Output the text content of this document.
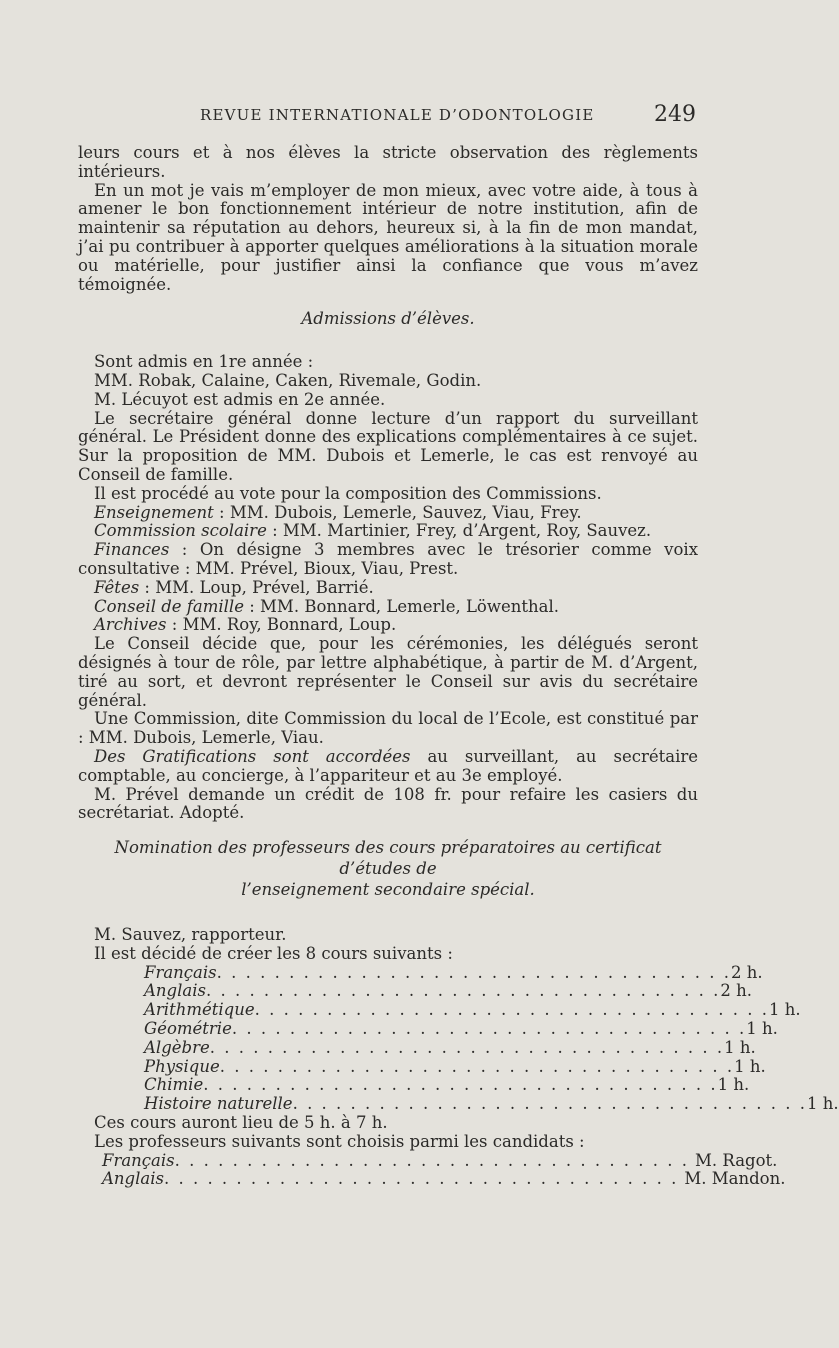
REVUE INTERNATIONALE D’ODONTOLOGIE	249

leurs cours et à nos élèves la stricte observation des règlements intérieurs.

En un mot je vais m’employer de mon mieux, avec votre aide, à tous à amener le bon fonctionnement intérieur de notre institution, afin de maintenir sa réputation au dehors, heureux si, à la fin de mon mandat, j’ai pu contribuer à apporter quelques améliorations à la situation morale ou matérielle, pour justifier ainsi la confiance que vous m’avez témoignée.

Admissions d’élèves.

Sont admis en 1re année :

MM. Robak, Calaine, Caken, Rivemale, Godin.

M. Lécuyot est admis en 2e année.

Le secrétaire général donne lecture d’un rapport du surveillant général. Le Président donne des explications complémentaires à ce sujet. Sur la proposition de MM. Dubois et Lemerle, le cas est renvoyé au Conseil de famille.

Il est procédé au vote pour la composition des Commissions.

Enseignement : MM. Dubois, Lemerle, Sauvez, Viau, Frey.

Commission scolaire : MM. Martinier, Frey, d’Argent, Roy, Sauvez.

Finances : On désigne 3 membres avec le trésorier comme voix consultative : MM. Prével, Bioux, Viau, Prest.

Fêtes : MM. Loup, Prével, Barrié.

Conseil de famille : MM. Bonnard, Lemerle, Löwenthal.

Archives : MM. Roy, Bonnard, Loup.

Le Conseil décide que, pour les cérémonies, les délégués seront désignés à tour de rôle, par lettre alphabétique, à partir de M. d’Argent, tiré au sort, et devront représenter le Conseil sur avis du secrétaire général.

Une Commission, dite Commission du local de l’Ecole, est constitué par : MM. Dubois, Lemerle, Viau.

Des Gratifications sont accordées au surveillant, au secrétaire comptable, au concierge, à l’appariteur et au 3e employé.

M. Prével demande un crédit de 108 fr. pour refaire les casiers du secrétariat. Adopté.

Nomination des professeurs des cours préparatoires au certificat d’études de
l’enseignement secondaire spécial.

M. Sauvez, rapporteur.

Il est décidé de créer les 8 cours suivants :

Français . . . . . . . . . . . . . . . . . . . . . . . . . . . . . . . . . . . . 2 h.
Anglais . . . . . . . . . . . . . . . . . . . . . . . . . . . . . . . . . . . . 2 h.
Arithmétique . . . . . . . . . . . . . . . . . . . . . . . . . . . . . . . . . . . . 1 h.
Géométrie . . . . . . . . . . . . . . . . . . . . . . . . . . . . . . . . . . . . 1 h.
Algèbre . . . . . . . . . . . . . . . . . . . . . . . . . . . . . . . . . . . . 1 h.
Physique . . . . . . . . . . . . . . . . . . . . . . . . . . . . . . . . . . . . 1 h.
Chimie . . . . . . . . . . . . . . . . . . . . . . . . . . . . . . . . . . . . 1 h.
Histoire naturelle . . . . . . . . . . . . . . . . . . . . . . . . . . . . . . . . . . . . 1 h.

Ces cours auront lieu de 5 h. à 7 h.

Les professeurs suivants sont choisis parmi les candidats :

Français . . . . . . . . . . . . . . . . . . . . . . . . . . . . . . . . . . . . M. Ragot.
Anglais . . . . . . . . . . . . . . . . . . . . . . . . . . . . . . . . . . . . M. Mandon.
